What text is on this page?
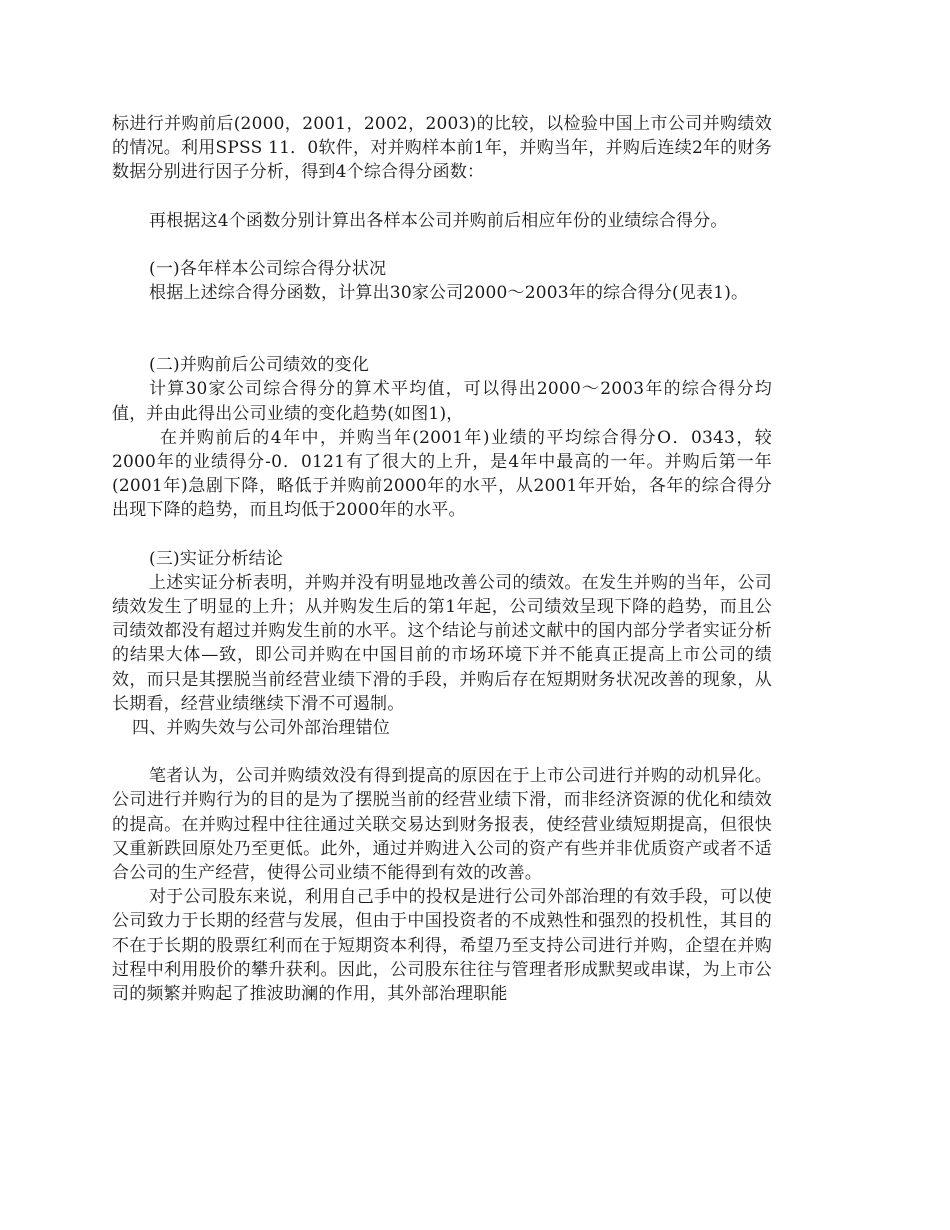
标进行并购前后(2000，2001，2002，2003)的比较，以检验中国上市公司并购绩效的情况。利用SPSS 11．0软件，对并购样本前1年，并购当年，并购后连续2年的财务数据分别进行因子分析，得到4个综合得分函数：

再根据这4个函数分别计算出各样本公司并购前后相应年份的业绩综合得分。

(一)各年样本公司综合得分状况

根据上述综合得分函数，计算出30家公司2000～2003年的综合得分(见表1)。

(二)并购前后公司绩效的变化

计算30家公司综合得分的算术平均值，可以得出2000～2003年的综合得分均值，并由此得出公司业绩的变化趋势(如图1)，

在并购前后的4年中，并购当年(2001年)业绩的平均综合得分O．0343，较2000年的业绩得分-0．0121有了很大的上升，是4年中最高的一年。并购后第一年(2001年)急剧下降，略低于并购前2000年的水平，从2001年开始，各年的综合得分出现下降的趋势，而且均低于2000年的水平。

(三)实证分析结论

上述实证分析表明，并购并没有明显地改善公司的绩效。在发生并购的当年，公司绩效发生了明显的上升；从并购发生后的第1年起，公司绩效呈现下降的趋势，而且公司绩效都没有超过并购发生前的水平。这个结论与前述文献中的国内部分学者实证分析的结果大体—致，即公司并购在中国目前的市场环境下并不能真正提高上市公司的绩效，而只是其摆脱当前经营业绩下滑的手段，并购后存在短期财务状况改善的现象，从长期看，经营业绩继续下滑不可遏制。

四、并购失效与公司外部治理错位

笔者认为，公司并购绩效没有得到提高的原因在于上市公司进行并购的动机异化。公司进行并购行为的目的是为了摆脱当前的经营业绩下滑，而非经济资源的优化和绩效的提高。在并购过程中往往通过关联交易达到财务报表，使经营业绩短期提高，但很快又重新跌回原处乃至更低。此外，通过并购进入公司的资产有些并非优质资产或者不适合公司的生产经营，使得公司业绩不能得到有效的改善。

对于公司股东来说，利用自己手中的投权是进行公司外部治理的有效手段，可以使公司致力于长期的经营与发展，但由于中国投资者的不成熟性和强烈的投机性，其目的不在于长期的股票红利而在于短期资本利得，希望乃至支持公司进行并购，企望在并购过程中利用股价的攀升获利。因此，公司股东往往与管理者形成默契或串谋，为上市公司的频繁并购起了推波助澜的作用，其外部治理职能
